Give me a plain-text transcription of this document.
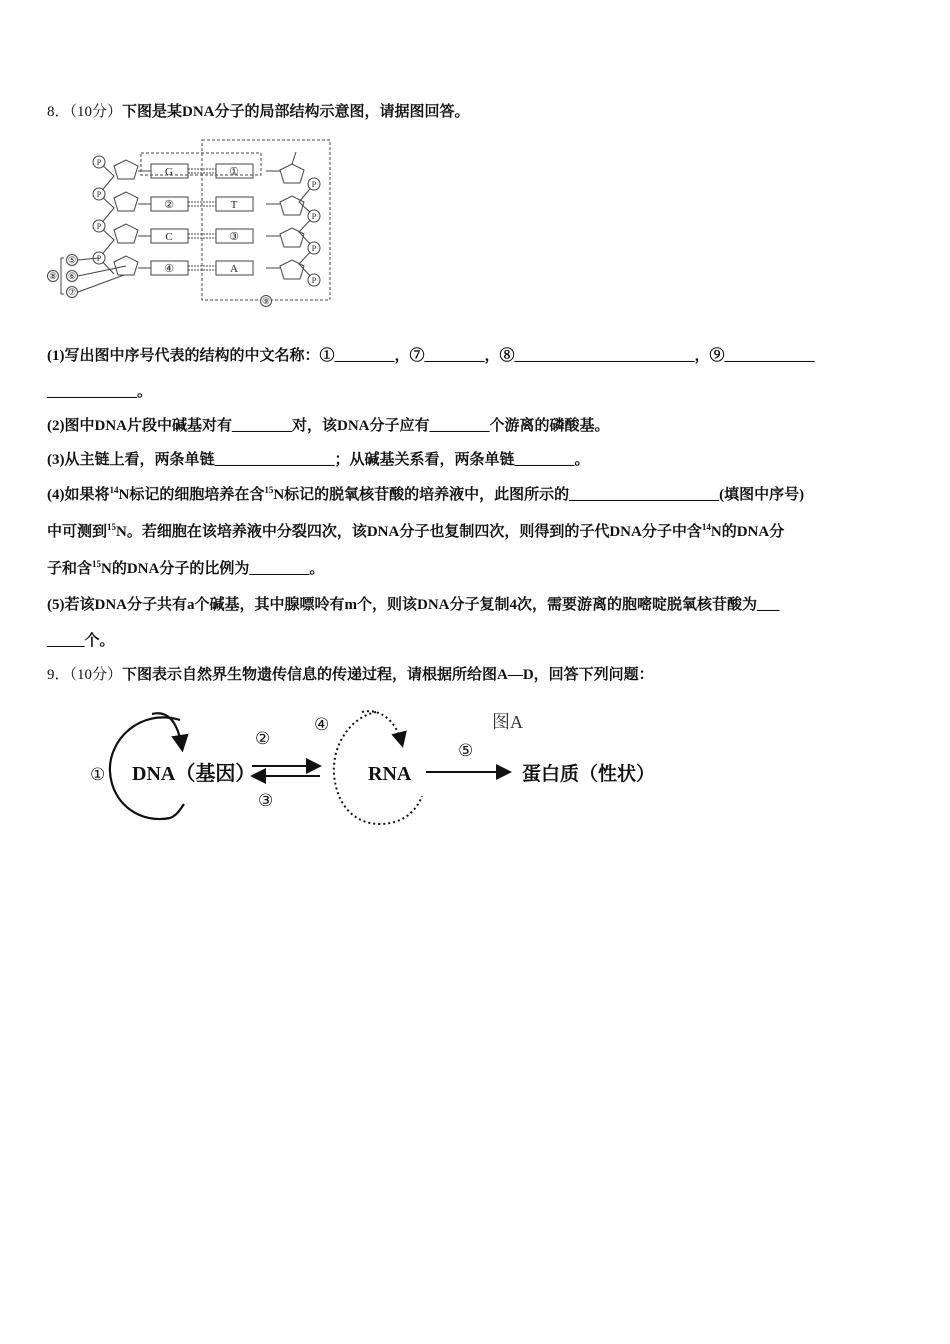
8．（10分）下图是某DNA分子的局部结构示意图，请据图回答。
G	①
②	T
C	③
④	A
P
P
P
P
P
P
P
P
⑤
⑥
⑦
⑧
⑨
(1)写出图中序号代表的结构的中文名称：①________，⑦________，⑧________________________，⑨____________
____________。
(2)图中DNA片段中碱基对有________对，该DNA分子应有________个游离的磷酸基。
(3)从主链上看，两条单链________________；从碱基关系看，两条单链________。
(4)如果将$^{14}$N标记的细胞培养在含$^{15}$N标记的脱氧核苷酸的培养液中，此图所示的____________________(填图中序号)
中可测到$^{15}$N。若细胞在该培养液中分裂四次，该DNA分子也复制四次，则得到的子代DNA分子中含$^{14}$N的DNA分
子和含$^{15}$N的DNA分子的比例为________。
(5)若该DNA分子共有a个碱基，其中腺嘌呤有m个，则该DNA分子复制4次，需要游离的胞嘧啶脱氧核苷酸为___
_____个。
9．（10分）下图表示自然界生物遗传信息的传递过程，请根据所给图A—D，回答下列问题：
图A
DNA（基因）	RNA	蛋白质（性状）
①
②
③
④
⑤
